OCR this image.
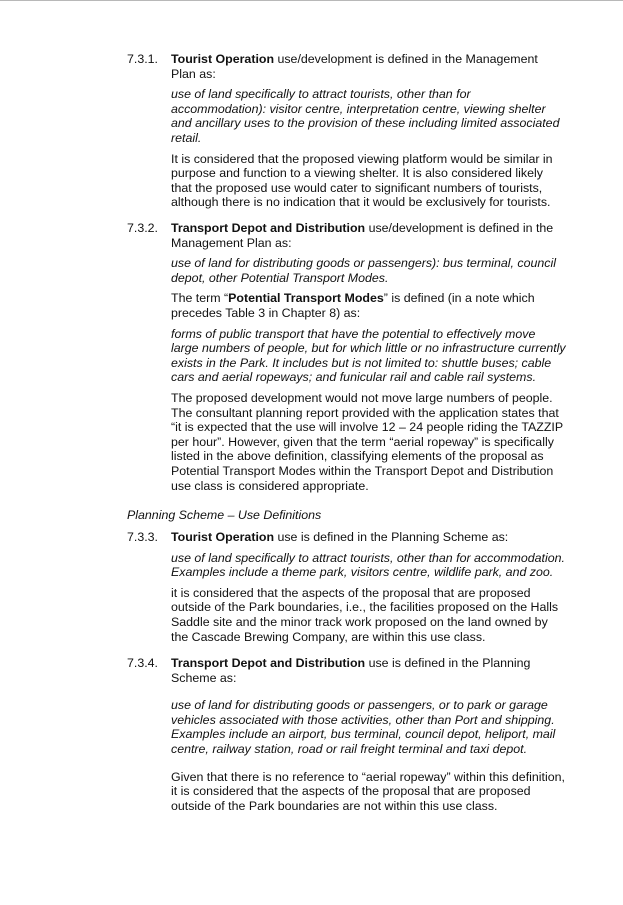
7.3.1.	Tourist Operation use/development is defined in the Management
Plan as:

use of land specifically to attract tourists, other than for
accommodation): visitor centre, interpretation centre, viewing shelter
and ancillary uses to the provision of these including limited associated
retail.

It is considered that the proposed viewing platform would be similar in
purpose and function to a viewing shelter. It is also considered likely
that the proposed use would cater to significant numbers of tourists,
although there is no indication that it would be exclusively for tourists.

7.3.2.	Transport Depot and Distribution use/development is defined in the
Management Plan as:

use of land for distributing goods or passengers): bus terminal, council
depot, other Potential Transport Modes.

The term “Potential Transport Modes” is defined (in a note which
precedes Table 3 in Chapter 8) as:

forms of public transport that have the potential to effectively move
large numbers of people, but for which little or no infrastructure currently
exists in the Park. It includes but is not limited to: shuttle buses; cable
cars and aerial ropeways; and funicular rail and cable rail systems.

The proposed development would not move large numbers of people.
The consultant planning report provided with the application states that
“it is expected that the use will involve 12 – 24 people riding the TAZZIP
per hour”. However, given that the term “aerial ropeway” is specifically
listed in the above definition, classifying elements of the proposal as
Potential Transport Modes within the Transport Depot and Distribution
use class is considered appropriate.

Planning Scheme – Use Definitions
7.3.3.	Tourist Operation use is defined in the Planning Scheme as:

use of land specifically to attract tourists, other than for accommodation.
Examples include a theme park, visitors centre, wildlife park, and zoo.

it is considered that the aspects of the proposal that are proposed
outside of the Park boundaries, i.e., the facilities proposed on the Halls
Saddle site and the minor track work proposed on the land owned by
the Cascade Brewing Company, are within this use class.

7.3.4.	Transport Depot and Distribution use is defined in the Planning
Scheme as:

use of land for distributing goods or passengers, or to park or garage
vehicles associated with those activities, other than Port and shipping.
Examples include an airport, bus terminal, council depot, heliport, mail
centre, railway station, road or rail freight terminal and taxi depot.

Given that there is no reference to “aerial ropeway” within this definition,
it is considered that the aspects of the proposal that are proposed
outside of the Park boundaries are not within this use class.
